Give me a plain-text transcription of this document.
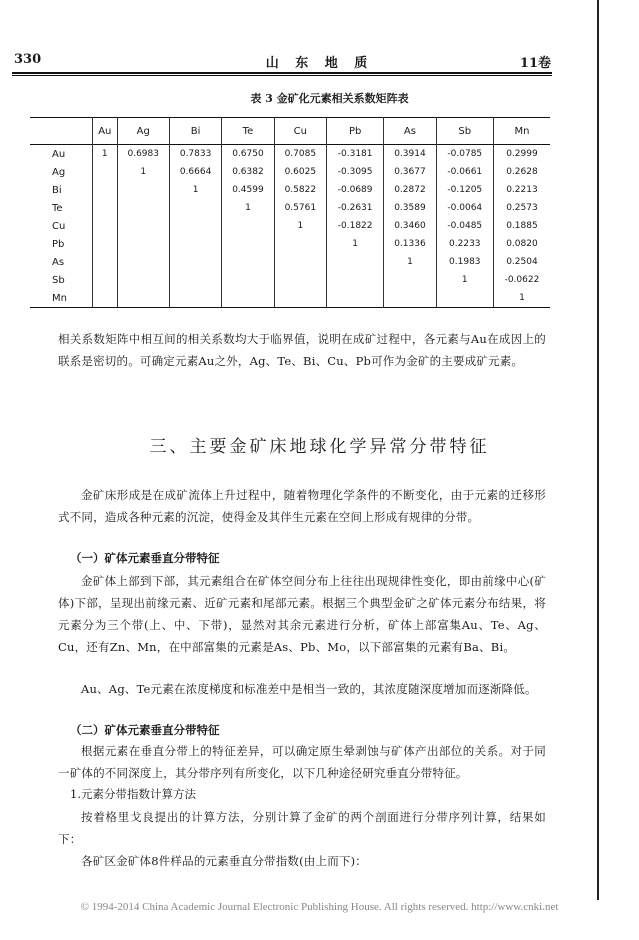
330	山 东 地 质	11卷
表 3 金矿化元素相关系数矩阵表
	Au	Ag	Bi	Te	Cu	Pb	As	Sb	Mn
Au	1	0.6983	0.7833	0.6750	0.7085	-0.3181	0.3914	-0.0785	0.2999
Ag		1	0.6664	0.6382	0.6025	-0.3095	0.3677	-0.0661	0.2628
Bi			1	0.4599	0.5822	-0.0689	0.2872	-0.1205	0.2213
Te				1	0.5761	-0.2631	0.3589	-0.0064	0.2573
Cu					1	-0.1822	0.3460	-0.0485	0.1885
Pb						1	0.1336	0.2233	0.0820
As							1	0.1983	0.2504
Sb								1	-0.0622
Mn									1
相关系数矩阵中相互间的相关系数均大于临界值，说明在成矿过程中，各元素与Au在成因上的联系是密切的。可确定元素Au之外，Ag、Te、Bi、Cu、Pb可作为金矿的主要成矿元素。
三、主要金矿床地球化学异常分带特征
金矿床形成是在成矿流体上升过程中，随着物理化学条件的不断变化，由于元素的迁移形式不同，造成各种元素的沉淀，使得金及其伴生元素在空间上形成有规律的分带。
（一）矿体元素垂直分带特征
金矿体上部到下部，其元素组合在矿体空间分布上往往出现规律性变化，即由前缘中心(矿体)下部，呈现出前缘元素、近矿元素和尾部元素。根据三个典型金矿之矿体元素分布结果，将元素分为三个带(上、中、下带)，显然对其余元素进行分析，矿体上部富集Au、Te、Ag、Cu，还有Zn、Mn，在中部富集的元素是As、Pb、Mo，以下部富集的元素有Ba、Bi。
Au、Ag、Te元素在浓度梯度和标准差中是相当一致的，其浓度随深度增加而逐渐降低。
（二）矿体元素垂直分带特征
根据元素在垂直分带上的特征差异，可以确定原生晕剥蚀与矿体产出部位的关系。对于同一矿体的不同深度上，其分带序列有所变化，以下几种途径研究垂直分带特征。
1.元素分带指数计算方法
按着格里戈良提出的计算方法，分别计算了金矿的两个剖面进行分带序列计算，结果如下：
各矿区金矿体8件样品的元素垂直分带指数(由上而下)：
© 1994-2014 China Academic Journal Electronic Publishing House. All rights reserved. http://www.cnki.net
